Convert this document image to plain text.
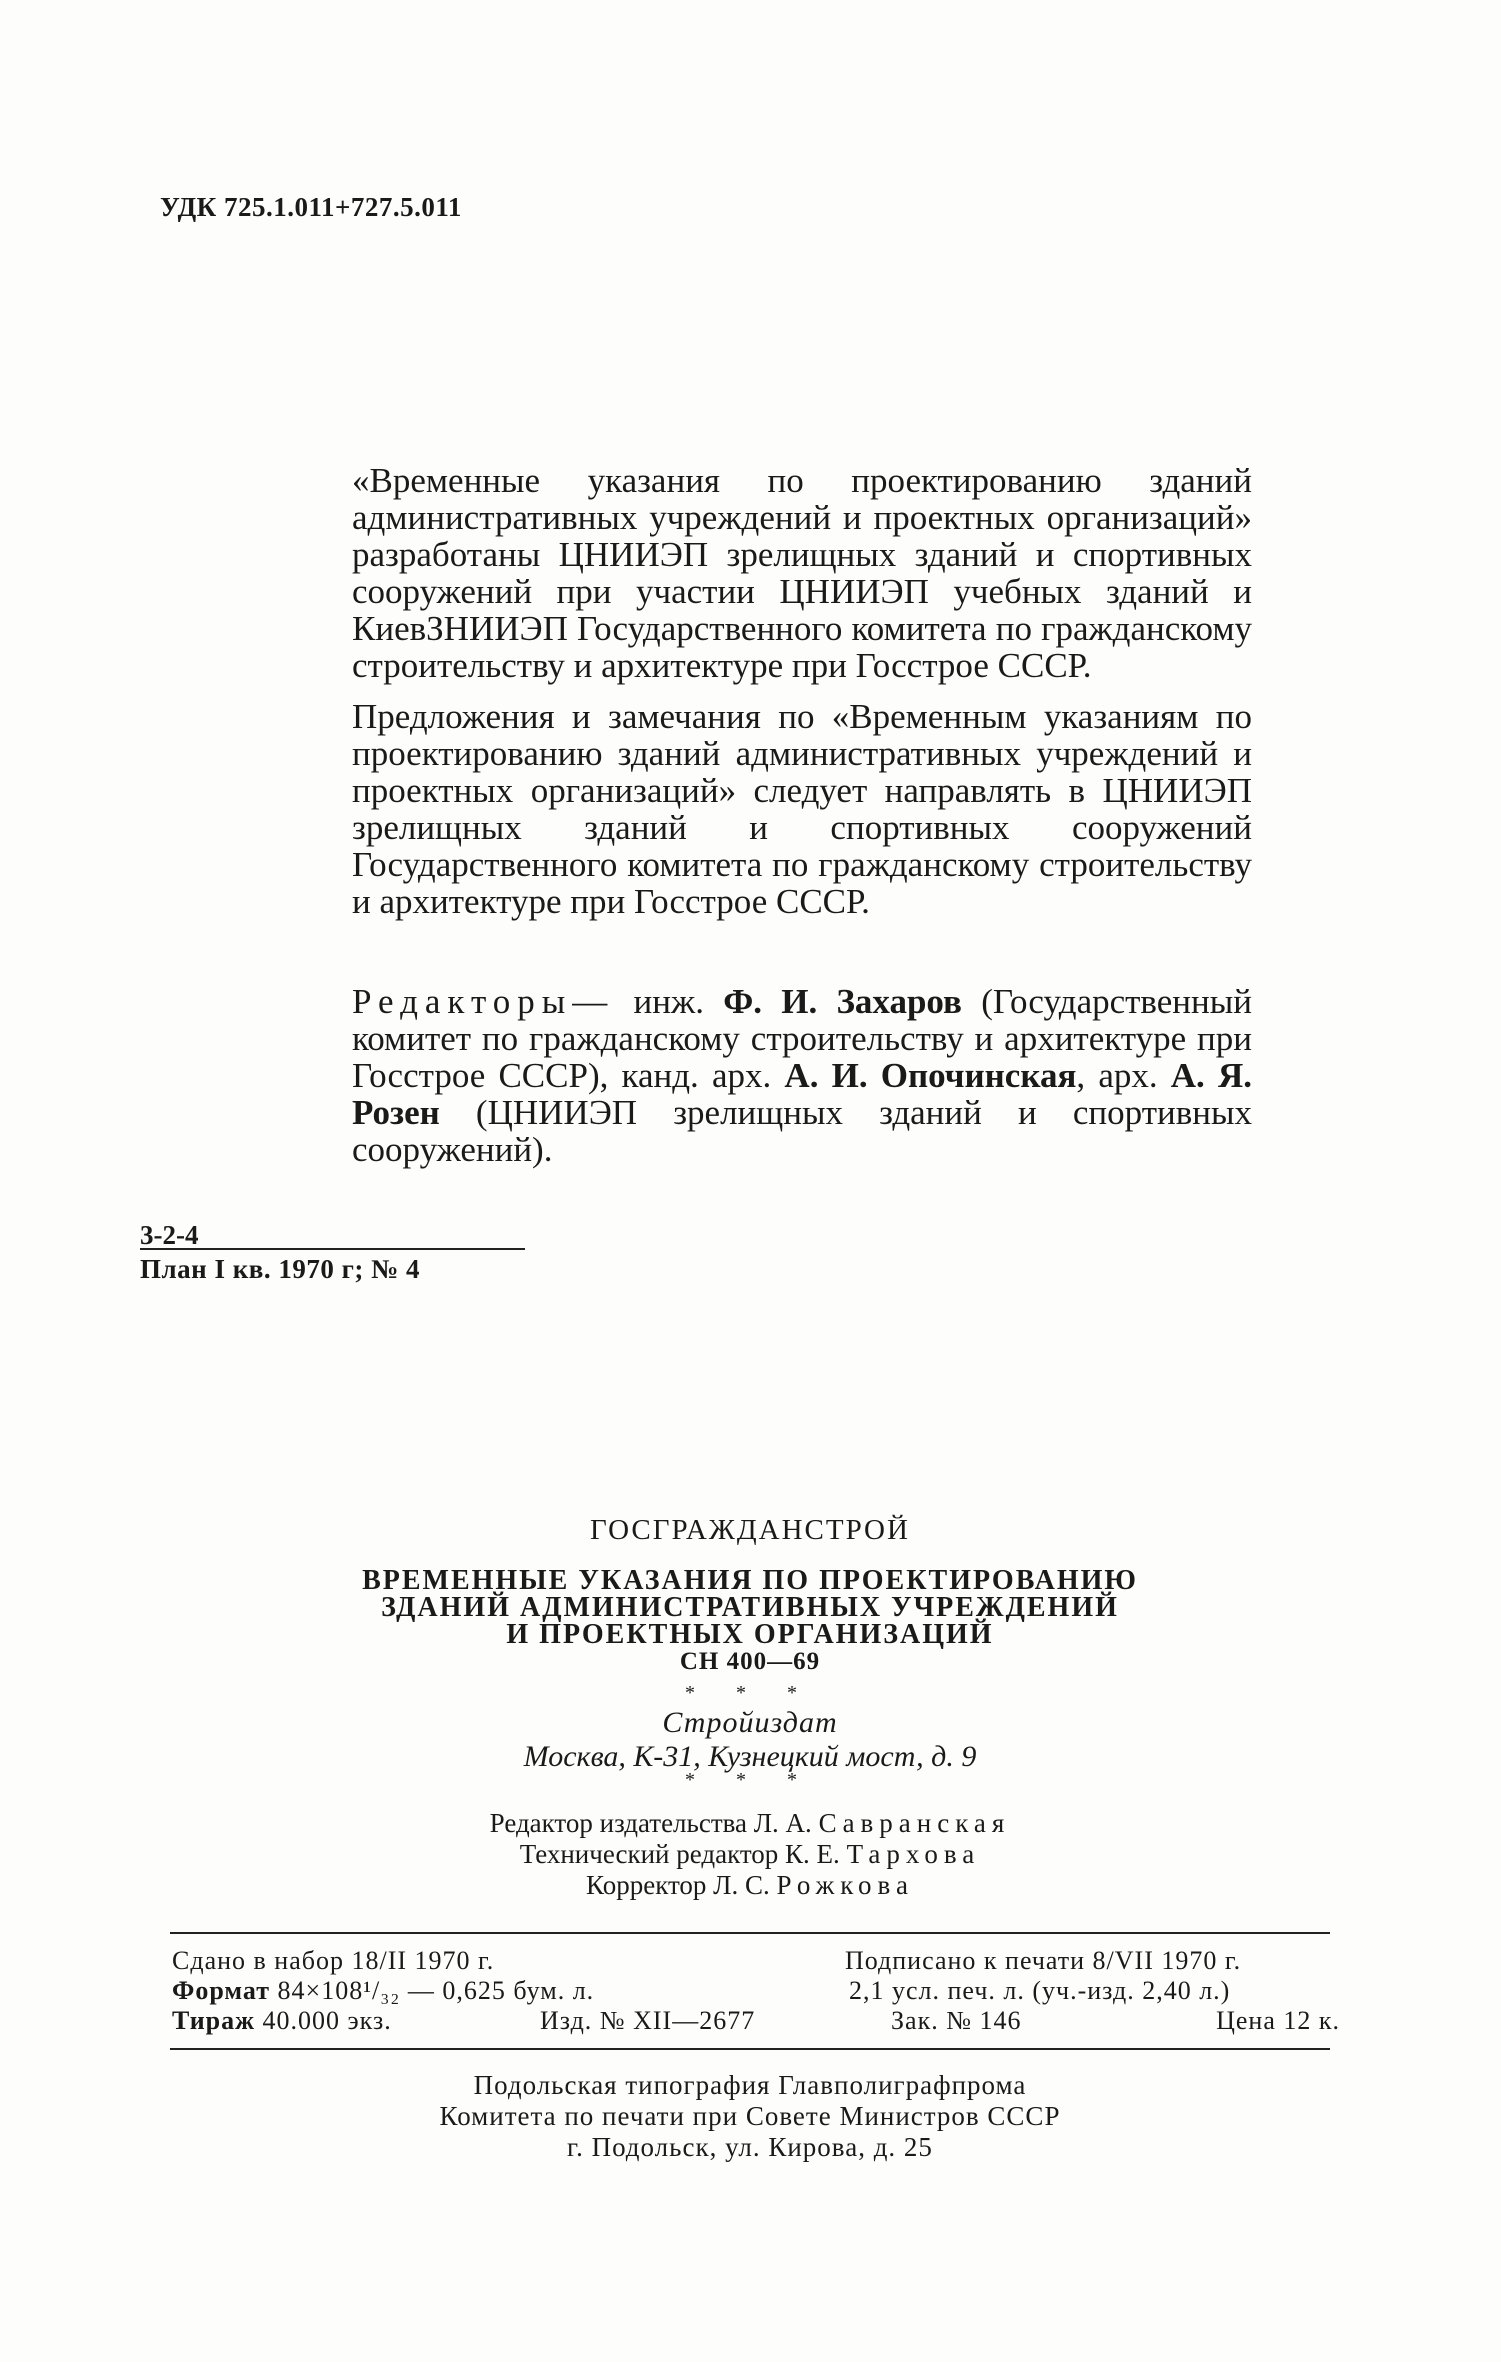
УДК 725.1.011+727.5.011

«Временные указания по проектированию зданий административных учреждений и проектных организаций» разработаны ЦНИИЭП зрелищных зданий и спортивных сооружений при участии ЦНИИЭП учебных зданий и КиевЗНИИЭП Государственного комитета по гражданскому строительству и архитектуре при Госстрое СССР.

Предложения и замечания по «Временным указаниям по проектированию зданий административных учреждений и проектных организаций» следует направлять в ЦНИИЭП зрелищных зданий и спортивных сооружений Государственного комитета по гражданскому строительству и архитектуре при Госстрое СССР.

Редакторы— инж. Ф. И. Захаров (Государственный комитет по гражданскому строительству и архитектуре при Госстрое СССР), канд. арх. А. И. Опочинская, арх. А. Я. Розен (ЦНИИЭП зрелищных зданий и спортивных сооружений).
3-2-4
План I кв. 1970 г; № 4
ГОСГРАЖДАНСТРОЙ
ВРЕМЕННЫЕ УКАЗАНИЯ ПО ПРОЕКТИРОВАНИЮ
ЗДАНИЙ АДМИНИСТРАТИВНЫХ УЧРЕЖДЕНИЙ
И ПРОЕКТНЫХ ОРГАНИЗАЦИЙ
СН 400—69
* * *
Стройиздат
Москва, К-31, Кузнецкий мост, д. 9
* * *
Редактор издательства Л. А. Савранская
Технический редактор К. Е. Тархова
Корректор Л. С. Рожкова
Сдано в набор 18/II 1970 г.
Формат 84×108¹/₃₂ — 0,625 бум. л.
Тираж 40.000 экз.	Изд. № XII—2677
Подписано к печати 8/VII 1970 г.
2,1 усл. печ. л. (уч.-изд. 2,40 л.)
Зак. № 146	Цена 12 к.
Подольская типография Главполиграфпрома
Комитета по печати при Совете Министров СССР
г. Подольск, ул. Кирова, д. 25
